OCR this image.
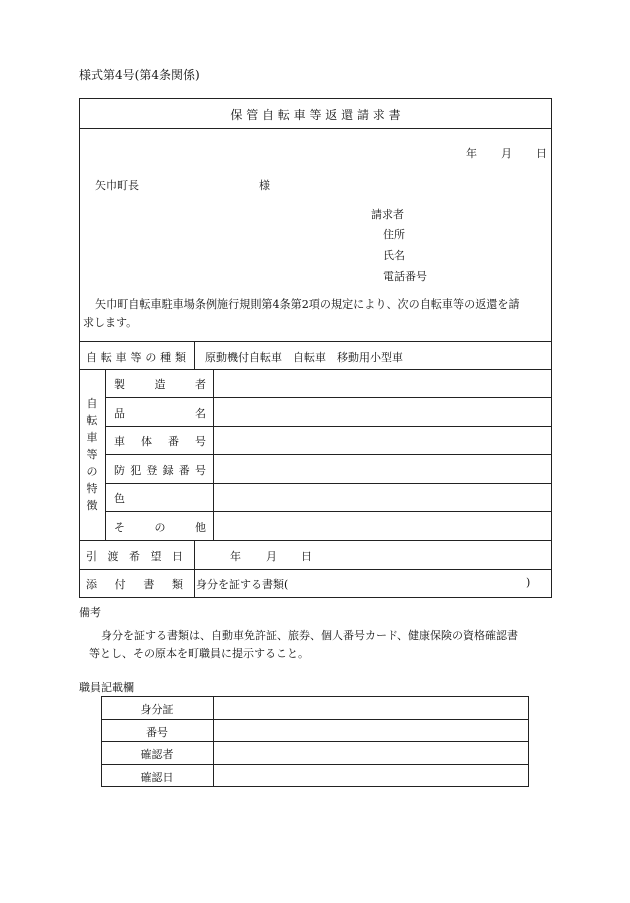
様式第4号(第4条関係)
保 管 自 転 車 等 返 還 請 求 書
年 月 日
矢巾町長	様
請求者
住所
氏名
電話番号
矢巾町自転車駐車場条例施行規則第4条第2項の規定により、次の自転車等の返還を請
求します。
自 転 車 等 の 種 類 原動機付自転車　自転車　移動用小型車
自
転
車
等
の
特
徴
製	造	者
品	名
車 体 番 号
防 犯 登 録 番 号
色
そ	の	他
引 渡 希 望 日	年 月 日
添 付 書 類 身分を証する書類(	)
備考
身分を証する書類は、自動車免許証、旅券、個人番号カード、健康保険の資格確認書
等とし、その原本を町職員に提示すること。
職員記載欄
身分証
番号
確認者
確認日
